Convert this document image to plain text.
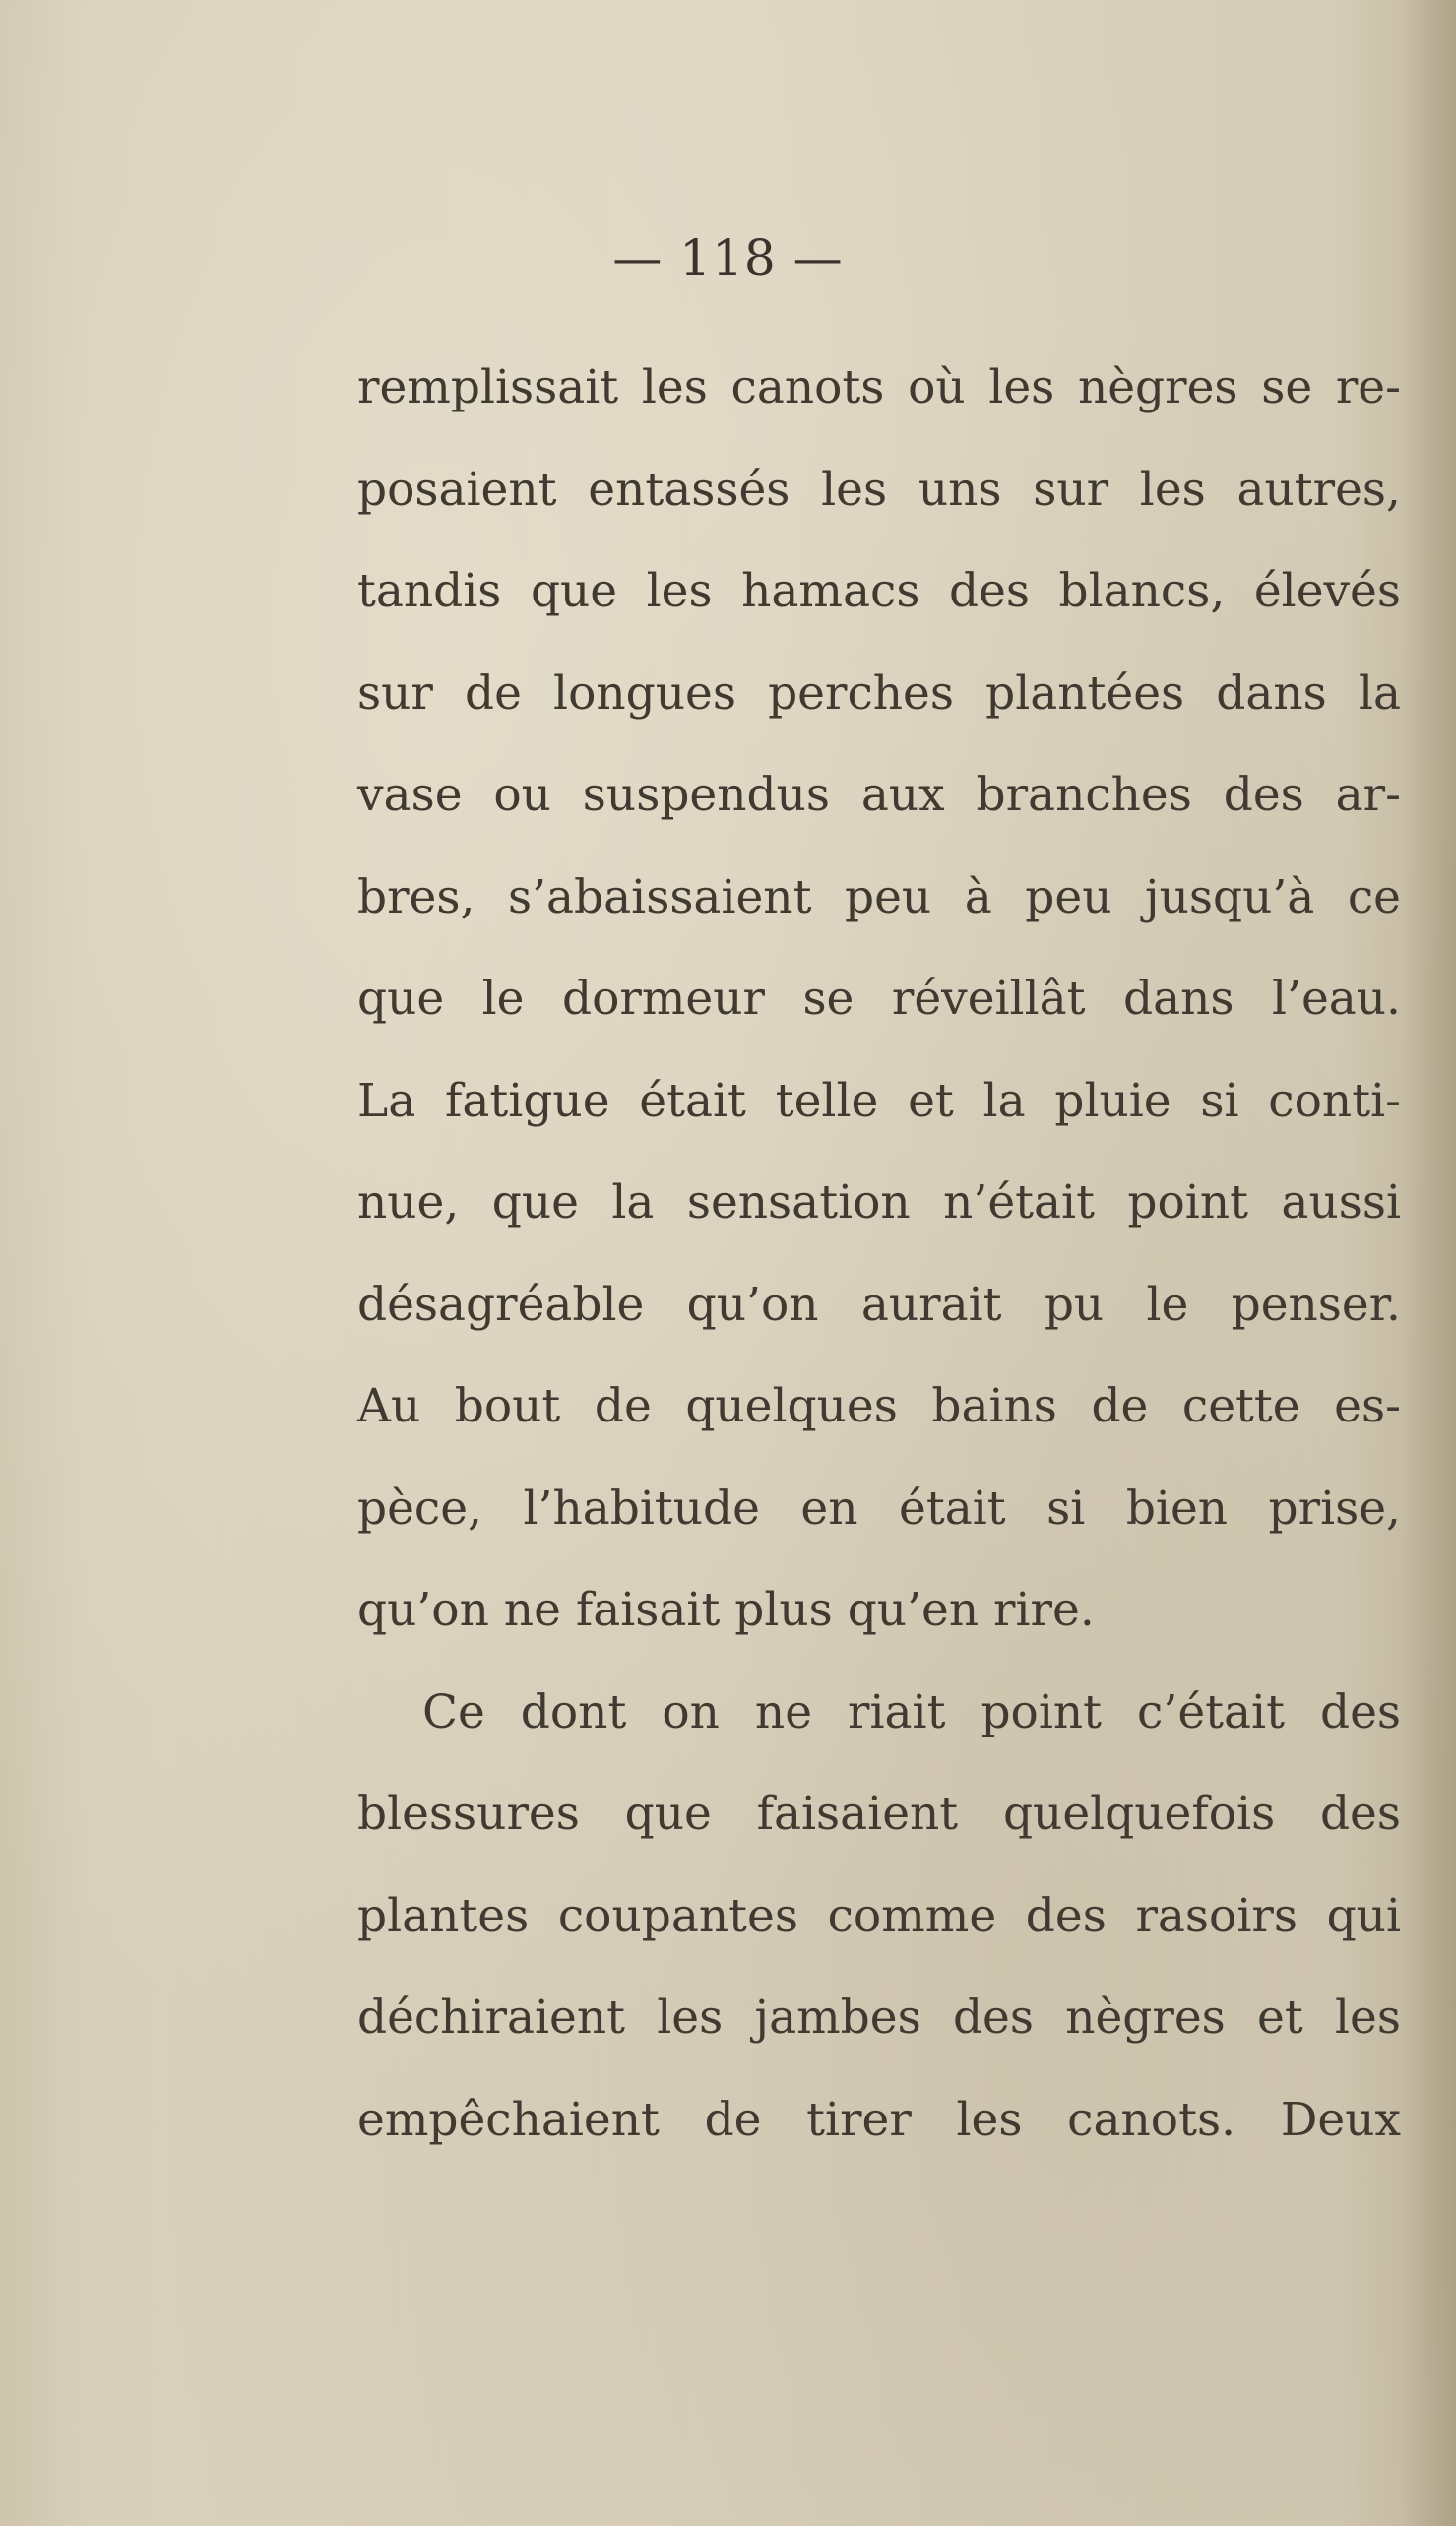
— 118 —
remplissait les canots où les nègres se re-
posaient entassés les uns sur les autres,
tandis que les hamacs des blancs, élevés
sur de longues perches plantées dans la
vase ou suspendus aux branches des ar-
bres, s’abaissaient peu à peu jusqu’à ce
que le dormeur se réveillât dans l’eau.
La fatigue était telle et la pluie si conti-
nue, que la sensation n’était point aussi
désagréable qu’on aurait pu le penser.
Au bout de quelques bains de cette es-
pèce, l’habitude en était si bien prise,
qu’on ne faisait plus qu’en rire.
Ce dont on ne riait point c’était des
blessures que faisaient quelquefois des
plantes coupantes comme des rasoirs qui
déchiraient les jambes des nègres et les
empêchaient de tirer les canots. Deux
